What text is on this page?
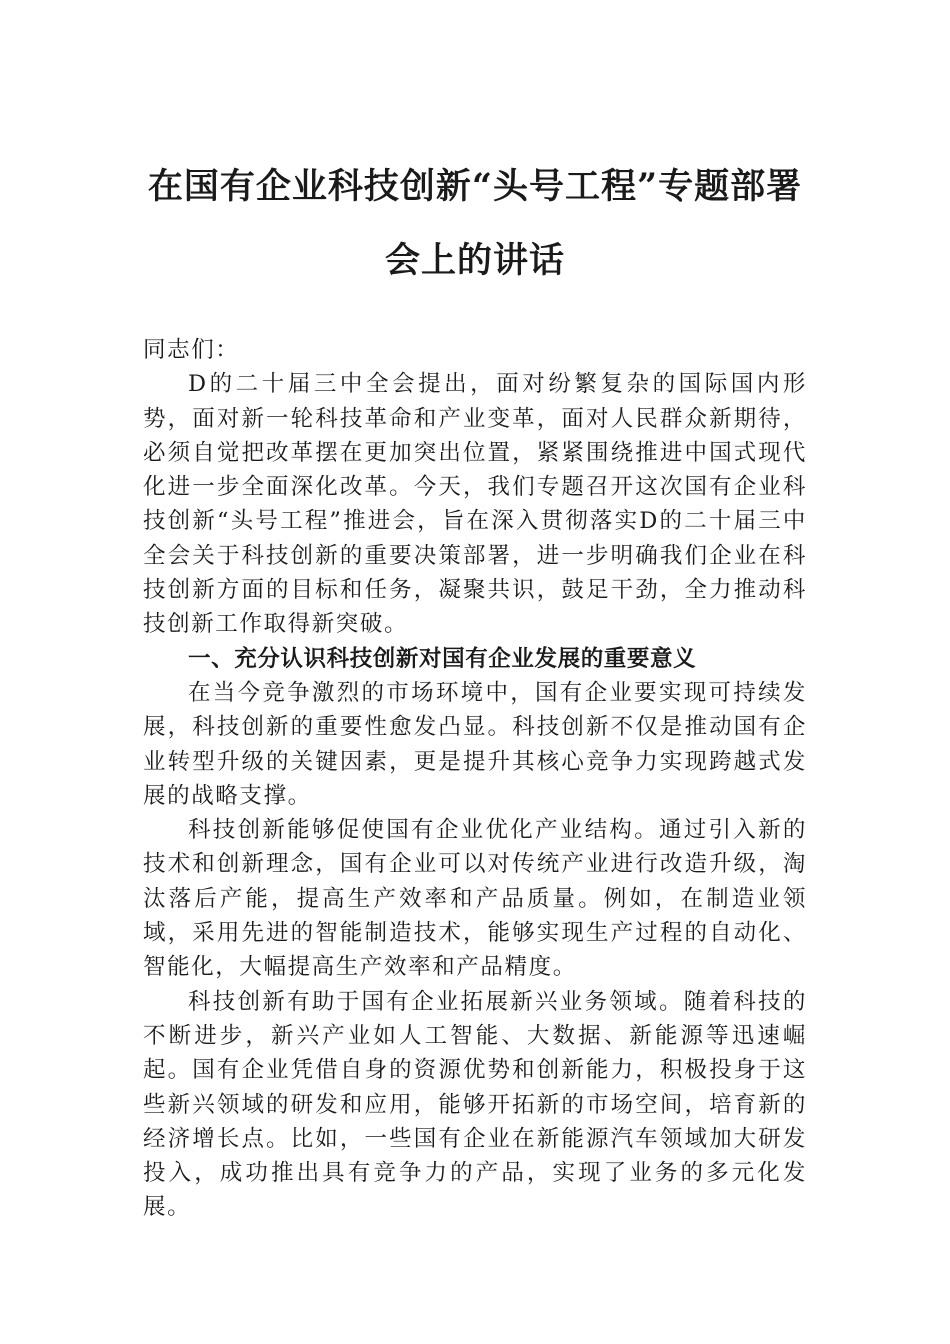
在国有企业科技创新“头号工程”专题部署会上的讲话

同志们：

D的二十届三中全会提出，面对纷繁复杂的国际国内形势，面对新一轮科技革命和产业变革，面对人民群众新期待，必须自觉把改革摆在更加突出位置，紧紧围绕推进中国式现代化进一步全面深化改革。今天，我们专题召开这次国有企业科技创新“头号工程”推进会，旨在深入贯彻落实D的二十届三中全会关于科技创新的重要决策部署，进一步明确我们企业在科技创新方面的目标和任务，凝聚共识，鼓足干劲，全力推动科技创新工作取得新突破。

一、充分认识科技创新对国有企业发展的重要意义

在当今竞争激烈的市场环境中，国有企业要实现可持续发展，科技创新的重要性愈发凸显。科技创新不仅是推动国有企业转型升级的关键因素，更是提升其核心竞争力实现跨越式发展的战略支撑。

科技创新能够促使国有企业优化产业结构。通过引入新的技术和创新理念，国有企业可以对传统产业进行改造升级，淘汰落后产能，提高生产效率和产品质量。例如，在制造业领域，采用先进的智能制造技术，能够实现生产过程的自动化、智能化，大幅提高生产效率和产品精度。

科技创新有助于国有企业拓展新兴业务领域。随着科技的不断进步，新兴产业如人工智能、大数据、新能源等迅速崛起。国有企业凭借自身的资源优势和创新能力，积极投身于这些新兴领域的研发和应用，能够开拓新的市场空间，培育新的经济增长点。比如，一些国有企业在新能源汽车领域加大研发投入，成功推出具有竞争力的产品，实现了业务的多元化发展。
